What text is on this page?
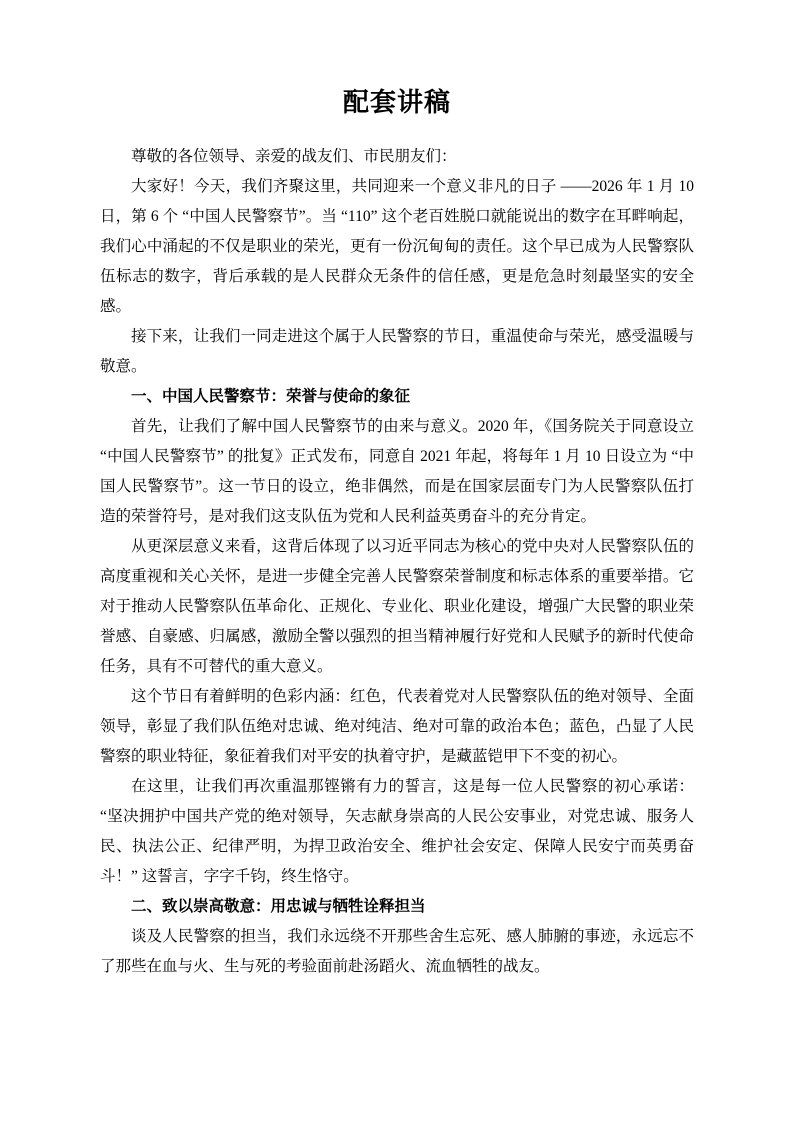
配套讲稿

尊敬的各位领导、亲爱的战友们、市民朋友们：

大家好！今天，我们齐聚这里，共同迎来一个意义非凡的日子 ——2026 年 1 月 10 日，第 6 个 “中国人民警察节”。当 “110” 这个老百姓脱口就能说出的数字在耳畔响起，我们心中涌起的不仅是职业的荣光，更有一份沉甸甸的责任。这个早已成为人民警察队伍标志的数字，背后承载的是人民群众无条件的信任感，更是危急时刻最坚实的安全感。

接下来，让我们一同走进这个属于人民警察的节日，重温使命与荣光，感受温暖与敬意。

一、中国人民警察节：荣誉与使命的象征

首先，让我们了解中国人民警察节的由来与意义。2020 年，《国务院关于同意设立 “中国人民警察节” 的批复》正式发布，同意自 2021 年起，将每年 1 月 10 日设立为 “中国人民警察节”。这一节日的设立，绝非偶然，而是在国家层面专门为人民警察队伍打造的荣誉符号，是对我们这支队伍为党和人民利益英勇奋斗的充分肯定。

从更深层意义来看，这背后体现了以习近平同志为核心的党中央对人民警察队伍的高度重视和关心关怀，是进一步健全完善人民警察荣誉制度和标志体系的重要举措。它对于推动人民警察队伍革命化、正规化、专业化、职业化建设，增强广大民警的职业荣誉感、自豪感、归属感，激励全警以强烈的担当精神履行好党和人民赋予的新时代使命任务，具有不可替代的重大意义。

这个节日有着鲜明的色彩内涵：红色，代表着党对人民警察队伍的绝对领导、全面领导，彰显了我们队伍绝对忠诚、绝对纯洁、绝对可靠的政治本色；蓝色，凸显了人民警察的职业特征，象征着我们对平安的执着守护，是藏蓝铠甲下不变的初心。

在这里，让我们再次重温那铿锵有力的誓言，这是每一位人民警察的初心承诺：“坚决拥护中国共产党的绝对领导，矢志献身崇高的人民公安事业，对党忠诚、服务人民、执法公正、纪律严明，为捍卫政治安全、维护社会安定、保障人民安宁而英勇奋斗！” 这誓言，字字千钧，终生恪守。

二、致以崇高敬意：用忠诚与牺牲诠释担当

谈及人民警察的担当，我们永远绕不开那些舍生忘死、感人肺腑的事迹，永远忘不了那些在血与火、生与死的考验面前赴汤蹈火、流血牺牲的战友。
